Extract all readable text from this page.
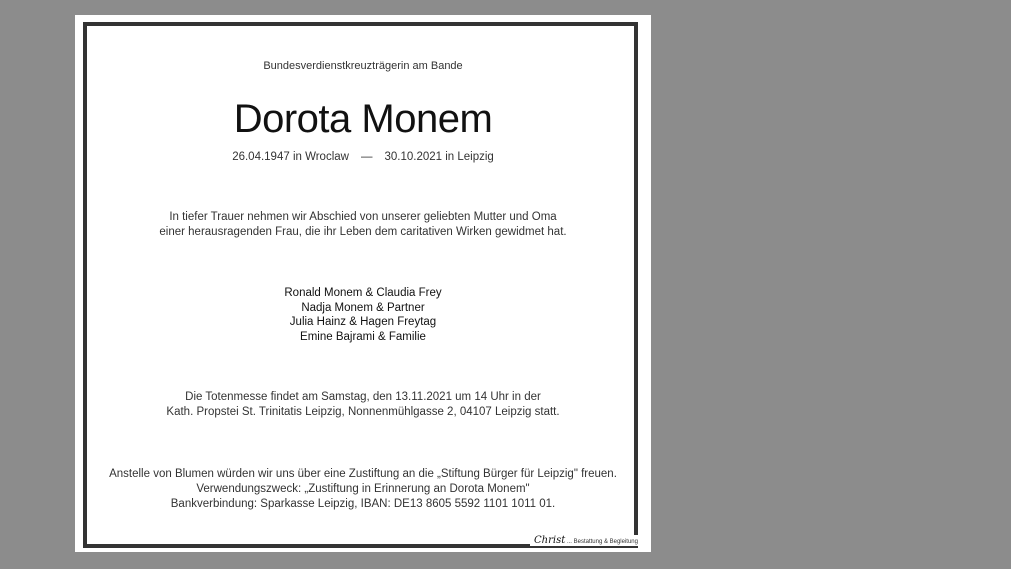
Bundesverdienstkreuzträgerin am Bande
Dorota Monem
26.04.1947 in Wroclaw — 30.10.2021 in Leipzig
In tiefer Trauer nehmen wir Abschied von unserer geliebten Mutter und Oma
einer herausragenden Frau, die ihr Leben dem caritativen Wirken gewidmet hat.
Ronald Monem & Claudia Frey
Nadja Monem & Partner
Julia Hainz & Hagen Freytag
Emine Bajrami & Familie
Die Totenmesse findet am Samstag, den 13.11.2021 um 14 Uhr in der
Kath. Propstei St. Trinitatis Leipzig, Nonnenmühlgasse 2, 04107 Leipzig statt.
Anstelle von Blumen würden wir uns über eine Zustiftung an die „Stiftung Bürger für Leipzig" freuen.
Verwendungszweck: „Zustiftung in Erinnerung an Dorota Monem"
Bankverbindung: Sparkasse Leipzig, IBAN: DE13 8605 5592 1101 1011 01.
Christ ... Bestattung & Begleitung
